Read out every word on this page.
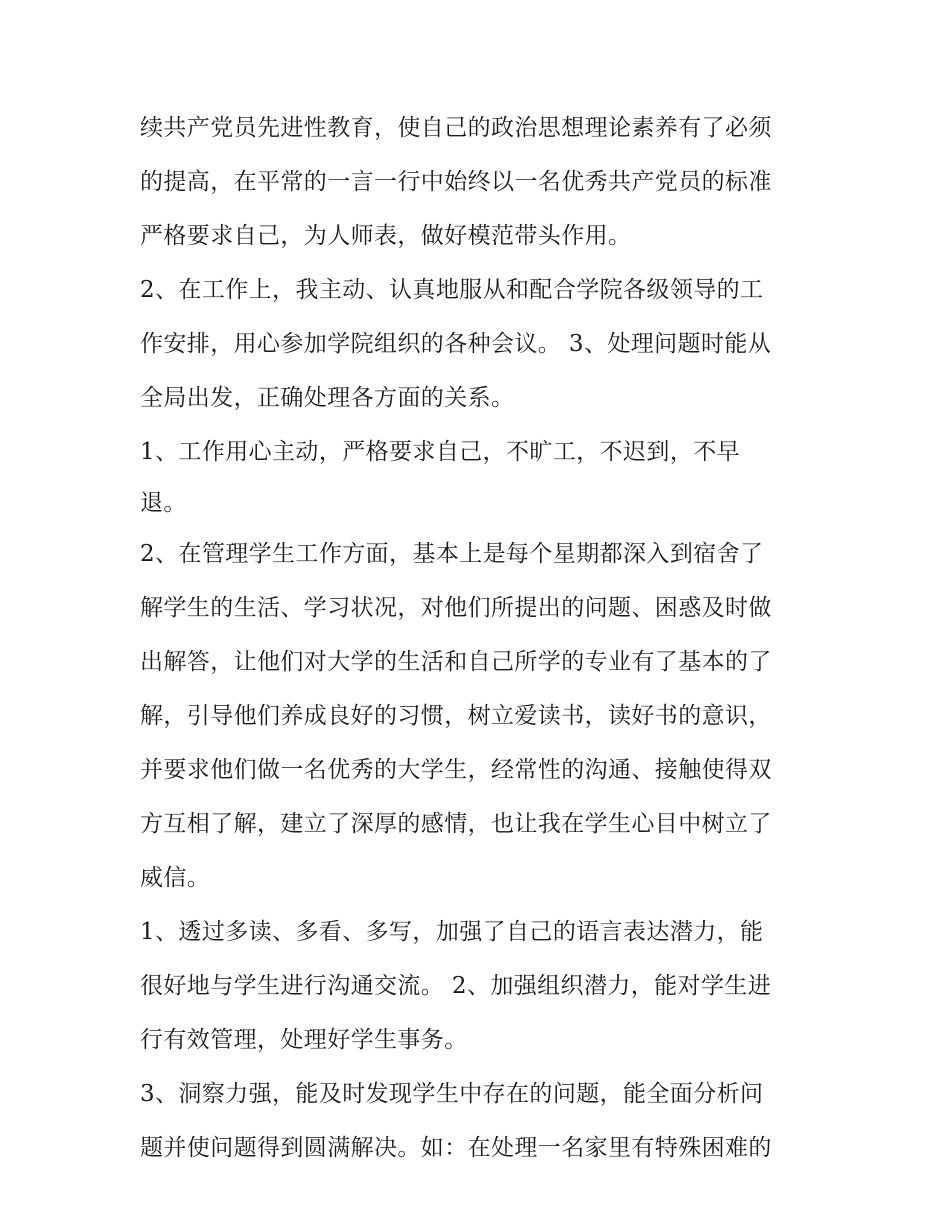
续共产党员先进性教育，使自己的政治思想理论素养有了必须
的提高，在平常的一言一行中始终以一名优秀共产党员的标准
严格要求自己，为人师表，做好模范带头作用。
2、在工作上，我主动、认真地服从和配合学院各级领导的工
作安排，用心参加学院组织的各种会议。 3、处理问题时能从
全局出发，正确处理各方面的关系。
1、工作用心主动，严格要求自己，不旷工，不迟到，不早
退。
2、在管理学生工作方面，基本上是每个星期都深入到宿舍了
解学生的生活、学习状况，对他们所提出的问题、困惑及时做
出解答，让他们对大学的生活和自己所学的专业有了基本的了
解，引导他们养成良好的习惯，树立爱读书，读好书的意识，
并要求他们做一名优秀的大学生，经常性的沟通、接触使得双
方互相了解，建立了深厚的感情，也让我在学生心目中树立了
威信。
1、透过多读、多看、多写，加强了自己的语言表达潜力，能
很好地与学生进行沟通交流。 2、加强组织潜力，能对学生进
行有效管理，处理好学生事务。
3、洞察力强，能及时发现学生中存在的问题，能全面分析问
题并使问题得到圆满解决。如：在处理一名家里有特殊困难的
